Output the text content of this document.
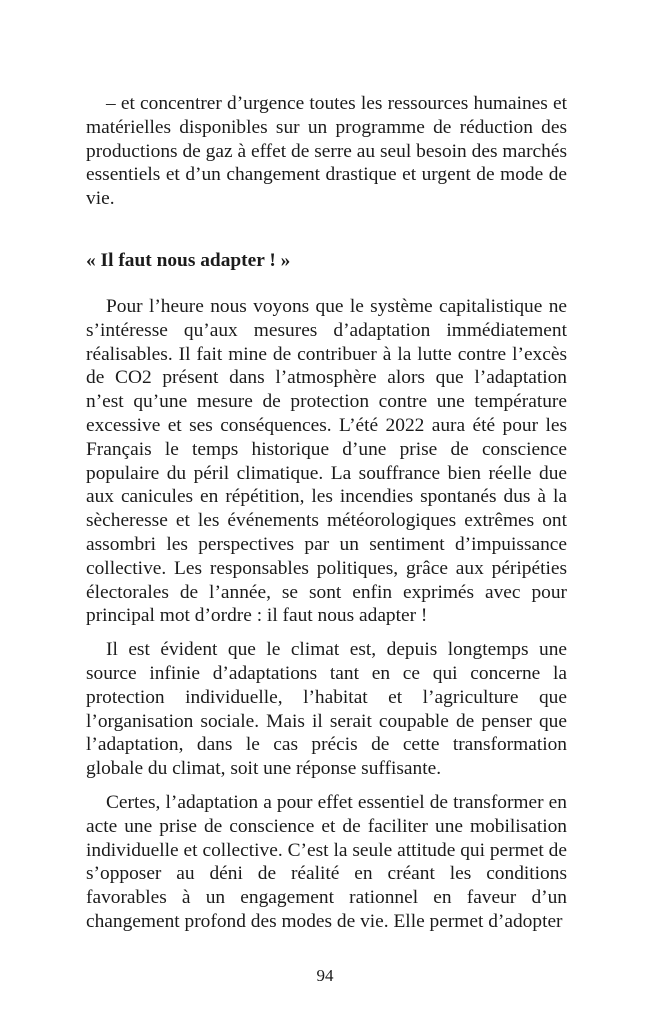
– et concentrer d’urgence toutes les ressources humaines et matérielles disponibles sur un programme de réduction des productions de gaz à effet de serre au seul besoin des marchés essentiels et d’un changement drastique et urgent de mode de vie.

« Il faut nous adapter ! »

Pour l’heure nous voyons que le système capitalistique ne s’intéresse qu’aux mesures d’adaptation immédiatement réalisables. Il fait mine de contribuer à la lutte contre l’excès de CO2 présent dans l’atmosphère alors que l’adaptation n’est qu’une mesure de protection contre une température excessive et ses conséquences. L’été 2022 aura été pour les Français le temps historique d’une prise de conscience populaire du péril climatique. La souffrance bien réelle due aux canicules en répétition, les incendies spontanés dus à la sècheresse et les événements météorologiques extrêmes ont assombri les perspectives par un sentiment d’impuissance collective. Les responsables politiques, grâce aux péripéties électorales de l’année, se sont enfin exprimés avec pour principal mot d’ordre : il faut nous adapter !

Il est évident que le climat est, depuis longtemps une source infinie d’adaptations tant en ce qui concerne la protection individuelle, l’habitat et l’agriculture que l’organisation sociale. Mais il serait coupable de penser que l’adaptation, dans le cas précis de cette transformation globale du climat, soit une réponse suffisante.

Certes, l’adaptation a pour effet essentiel de transformer en acte une prise de conscience et de faciliter une mobilisation individuelle et collective. C’est la seule attitude qui permet de s’opposer au déni de réalité en créant les conditions favorables à un engagement rationnel en faveur d’un changement profond des modes de vie. Elle permet d’adopter

94
